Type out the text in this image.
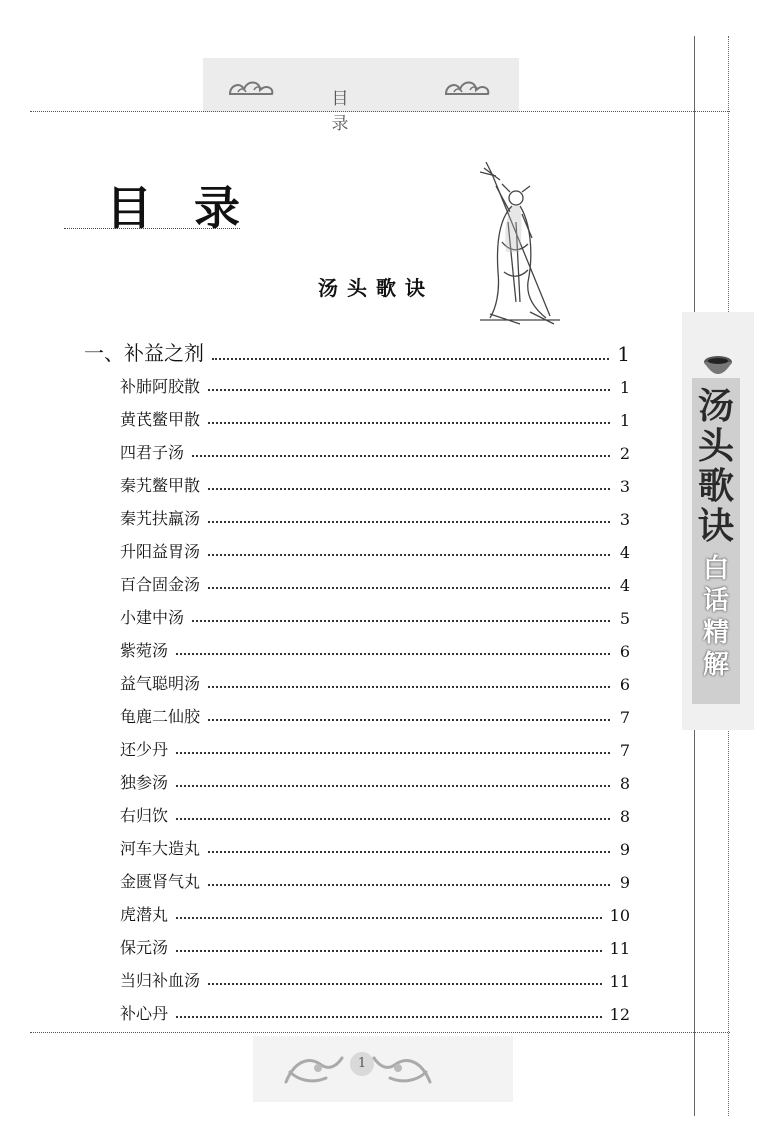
目 录
汤
头
歌
诀
白
话
精
解
目录
汤头歌诀
一、补益之剂	1
补肺阿胶散	1
黄芪鳖甲散	1
四君子汤	2
秦艽鳖甲散	3
秦艽扶羸汤	3
升阳益胃汤	4
百合固金汤	4
小建中汤	5
紫菀汤	6
益气聪明汤	6
龟鹿二仙胶	7
还少丹	7
独参汤	8
右归饮	8
河车大造丸	9
金匮肾气丸	9
虎潜丸	10
保元汤	11
当归补血汤	11
补心丹	12
1
